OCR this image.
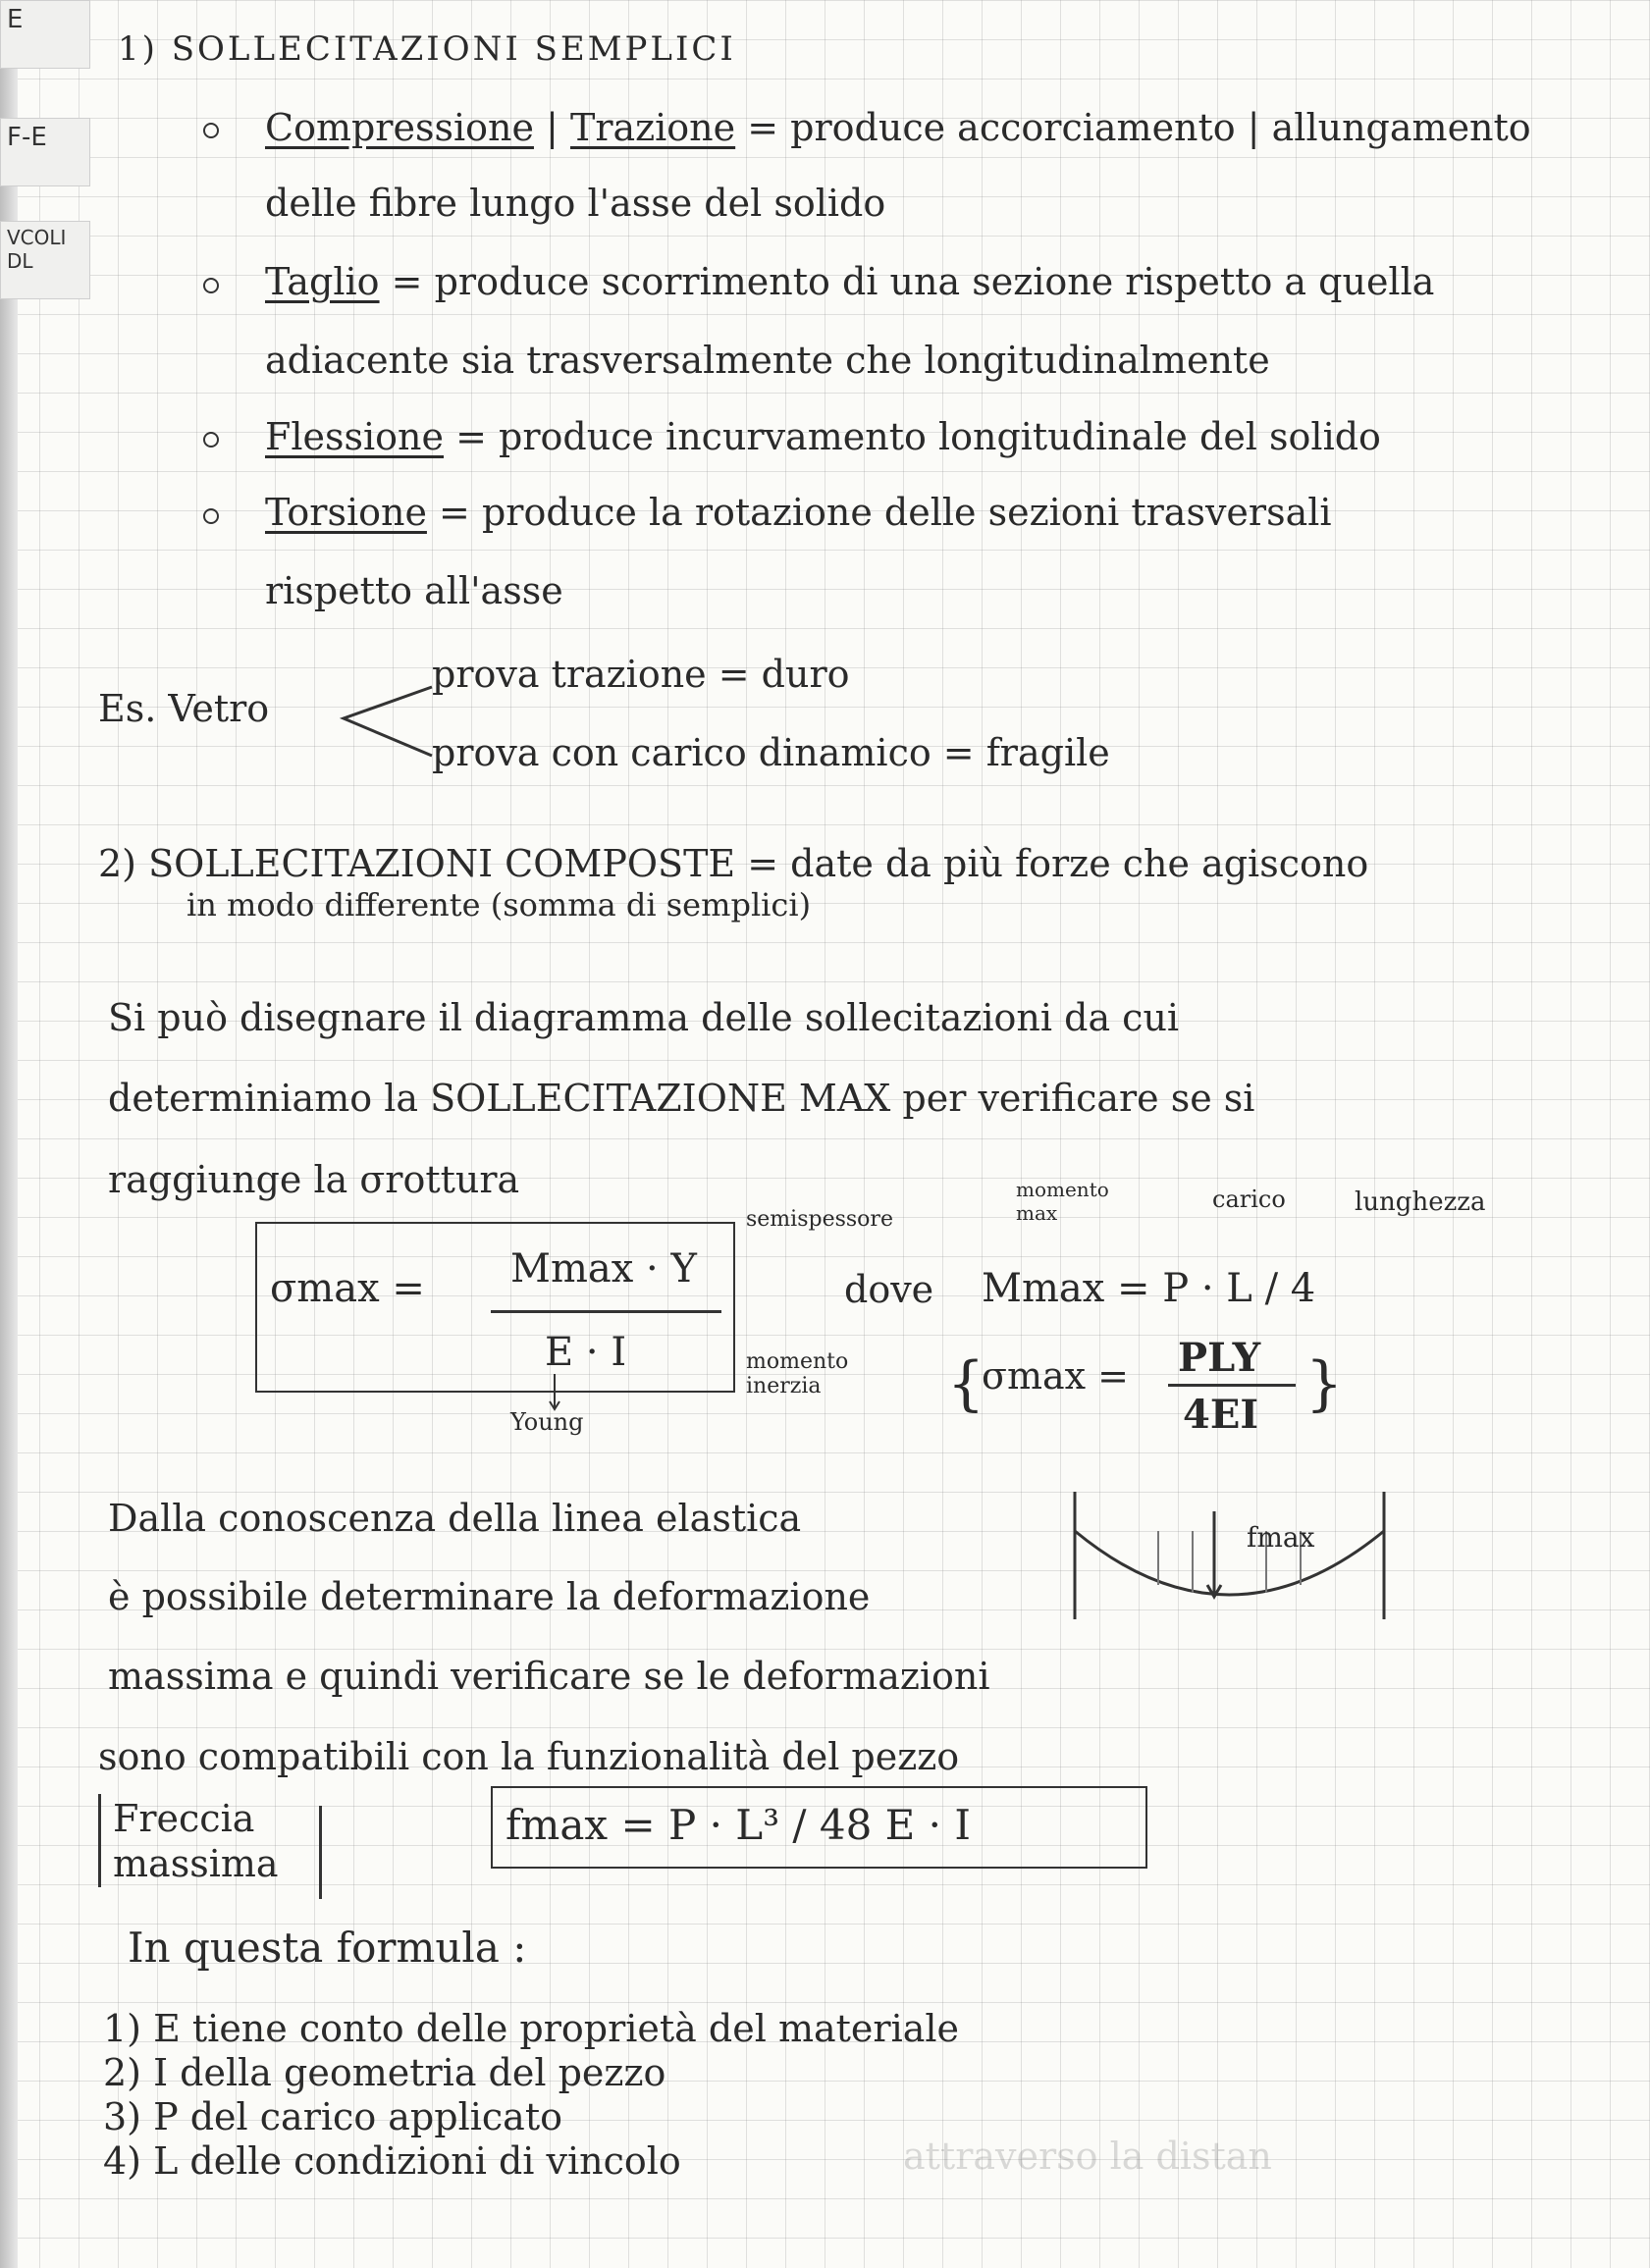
E
F-E
VCOLI DL
1) SOLLECITAZIONI SEMPLICI
Compressione | Trazione = produce accorciamento | allungamento
delle fibre lungo l'asse del solido
Taglio = produce scorrimento di una sezione rispetto a quella
adiacente sia trasversalmente che longitudinalmente
Flessione = produce incurvamento longitudinale del solido
Torsione = produce la rotazione delle sezioni trasversali
rispetto all'asse
Es. Vetro
prova trazione = duro
prova con carico dinamico = fragile
2) SOLLECITAZIONI COMPOSTE = date da più forze che agiscono
in modo differente (somma di semplici)
Si può disegnare il diagramma delle sollecitazioni da cui
determiniamo la SOLLECITAZIONE MAX per verificare se si
raggiunge la σrottura
σmax = Mmax · Y
E · I
semispessore
momento inerzia
Young
dove Mmax = P · L / 4
momento max	carico	lunghezza
{
σmax = PLY
4EI }
Dalla conoscenza della linea elastica
è possibile determinare la deformazione
massima e quindi verificare se le deformazioni
sono compatibili con la funzionalità del pezzo
fmax
Freccia massima
fmax = P · L³ / 48 E · I
In questa formula :
1) E tiene conto delle proprietà del materiale
2) I della geometria del pezzo
3) P del carico applicato
4) L delle condizioni di vincolo	attraverso la distan
